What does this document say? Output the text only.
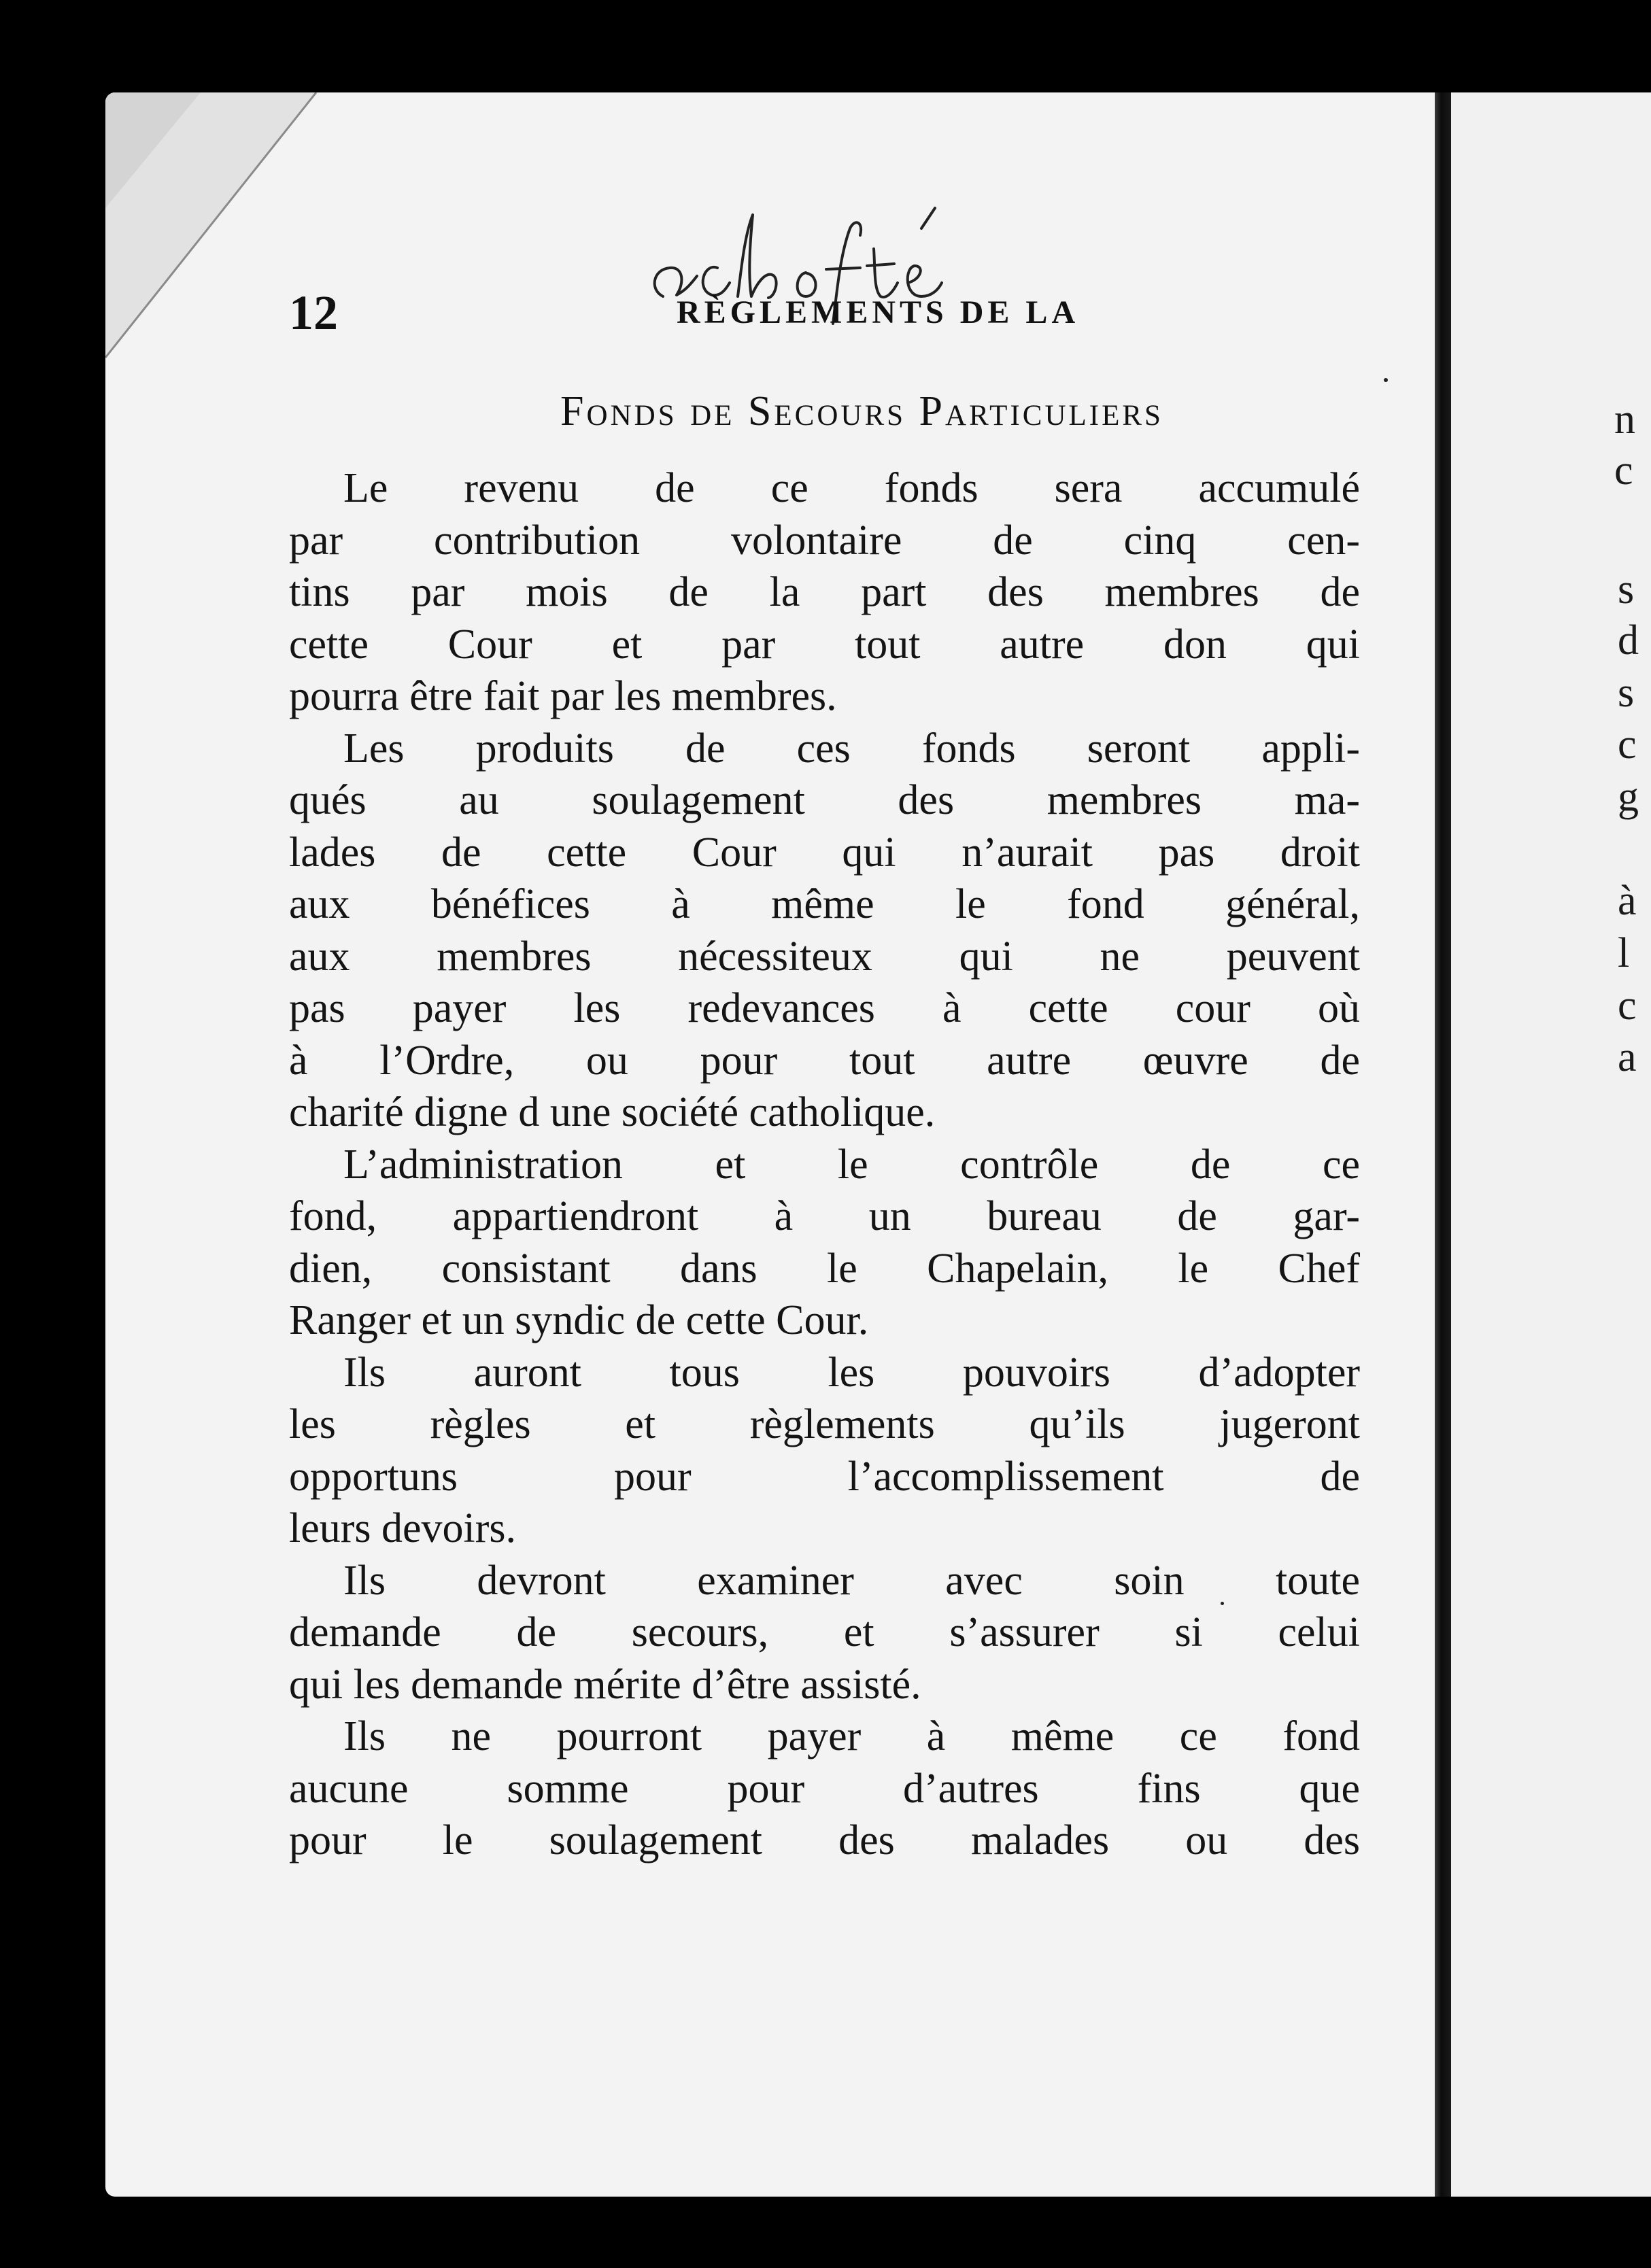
n
c
s
d
s
c
g
à
l
c
a
12	RÈGLEMENTS DE LA
Fonds de Secours Particuliers
Le revenu de ce fonds sera accumulé
par contribution volontaire de cinq cen-
tins par mois de la part des membres de
cette Cour et par tout autre don qui
pourra être fait par les membres.
Les produits de ces fonds seront appli-
qués au soulagement des membres ma-
lades de cette Cour qui n’aurait pas droit
aux bénéfices à même le fond général,
aux membres nécessiteux qui ne peuvent
pas payer les redevances à cette cour où
à l’Ordre, ou pour tout autre œuvre de
charité digne d une société catholique.
L’administration et le contrôle de ce
fond, appartiendront à un bureau de gar-
dien, consistant dans le Chapelain, le Chef
Ranger et un syndic de cette Cour.
Ils auront tous les pouvoirs d’adopter
les règles et règlements qu’ils jugeront
opportuns pour l’accomplissement de
leurs devoirs.
Ils devront examiner avec soin toute
demande de secours, et s’assurer si celui
qui les demande mérite d’être assisté.
Ils ne pourront payer à même ce fond
aucune somme pour d’autres fins que
pour le soulagement des malades ou des
